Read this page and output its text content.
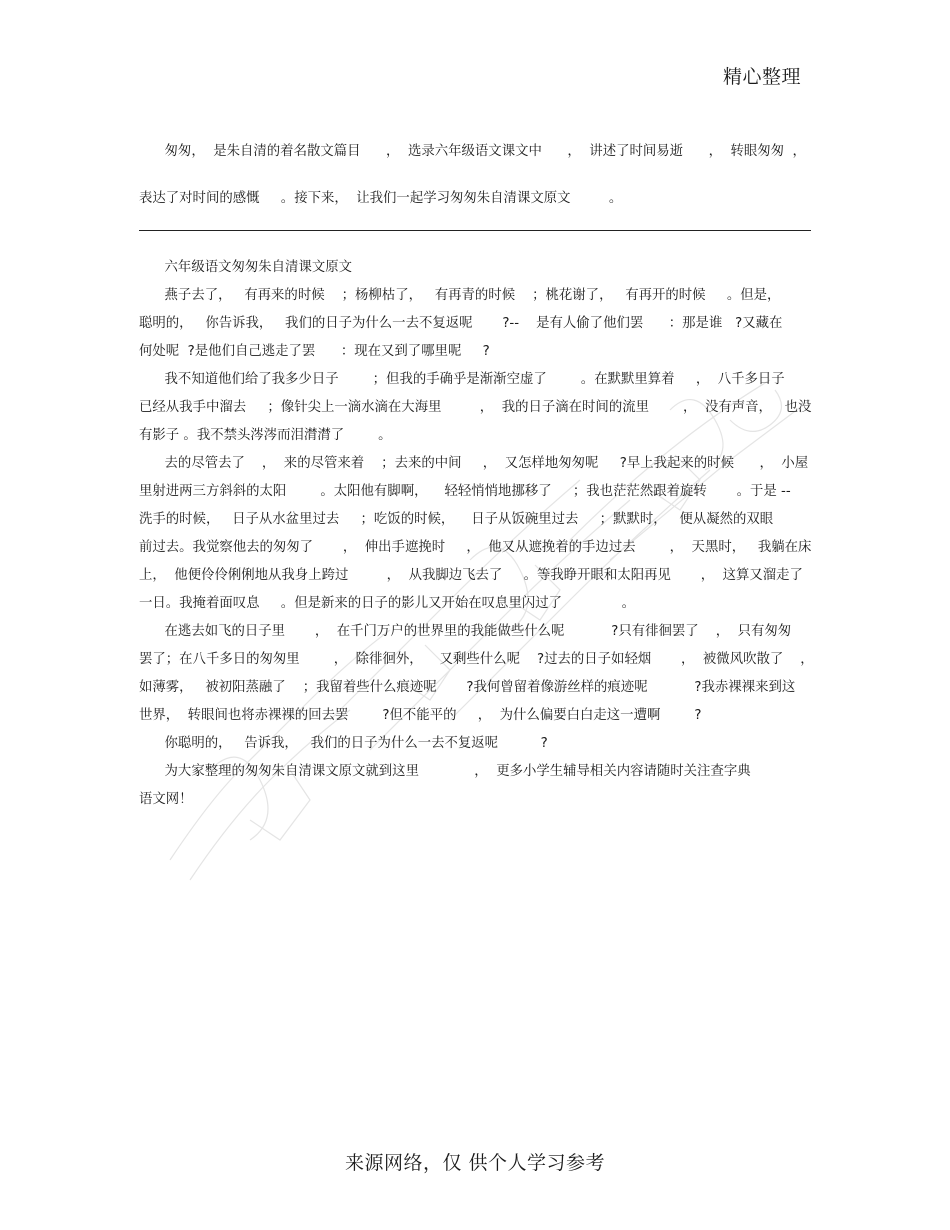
精心整理
匆匆，  是朱自清的着名散文篇目      ，  选录六年级语文课文中      ，  讲述了时间易逝      ，  转眼匆匆  ，
表达了对时间的感慨     。接下来，  让我们一起学习匆匆朱自清课文原文         。
六年级语文匆匆朱自清课文原文
燕子去了，   有再来的时候    ；杨柳枯了，   有再青的时候    ；桃花谢了，   有再开的时候     。但是，
聪明的，   你告诉我，   我们的日子为什么一去不复返呢       ?--    是有人偷了他们罢      ：那是谁   ?又藏在
何处呢  ?是他们自己逃走了罢      ：现在又到了哪里呢     ?
我不知道他们给了我多少日子        ；但我的手确乎是渐渐空虚了        。在默默里算着     ，  八千多日子
已经从我手中溜去     ；像针尖上一滴水滴在大海里         ，  我的日子滴在时间的流里        ，  没有声音，   也没
有影子 。我不禁头涔涔而泪潸潸了        。
去的尽管去了    ，  来的尽管来着    ；去来的中间     ，  又怎样地匆匆呢     ?早上我起来的时候      ，  小屋
里射进两三方斜斜的太阳        。太阳他有脚啊，    轻轻悄悄地挪移了     ；我也茫茫然跟着旋转       。于是 --
洗手的时候，   日子从水盆里过去     ；吃饭的时候，    日子从饭碗里过去     ；默默时，   便从凝然的双眼
前过去。我觉察他去的匆匆了       ，  伸出手遮挽时     ，  他又从遮挽着的手边过去        ，  天黑时，   我躺在床
上，  他便伶伶俐俐地从我身上跨过         ，  从我脚边飞去了     。等我睁开眼和太阳再见       ，  这算又溜走了
一日。我掩着面叹息     。但是新来的日子的影儿又开始在叹息里闪过了              。
在逃去如飞的日子里       ，  在千门万户的世界里的我能做些什么呢           ?只有徘徊罢了    ，  只有匆匆
罢了；在八千多日的匆匆里        ，  除徘徊外，    又剩些什么呢    ?过去的日子如轻烟       ，  被微风吹散了    ，
如薄雾，   被初阳蒸融了    ；我留着些什么痕迹呢       ?我何曾留着像游丝样的痕迹呢           ?我赤裸裸来到这
世界，  转眼间也将赤裸裸的回去罢        ?但不能平的     ，  为什么偏要白白走这一遭啊        ?
你聪明的，   告诉我，   我们的日子为什么一去不复返呢          ?
为大家整理的匆匆朱自清课文原文就到这里             ，  更多小学生辅导相关内容请随时关注查字典
语文网！
来源网络，仅 供个人学习参考
